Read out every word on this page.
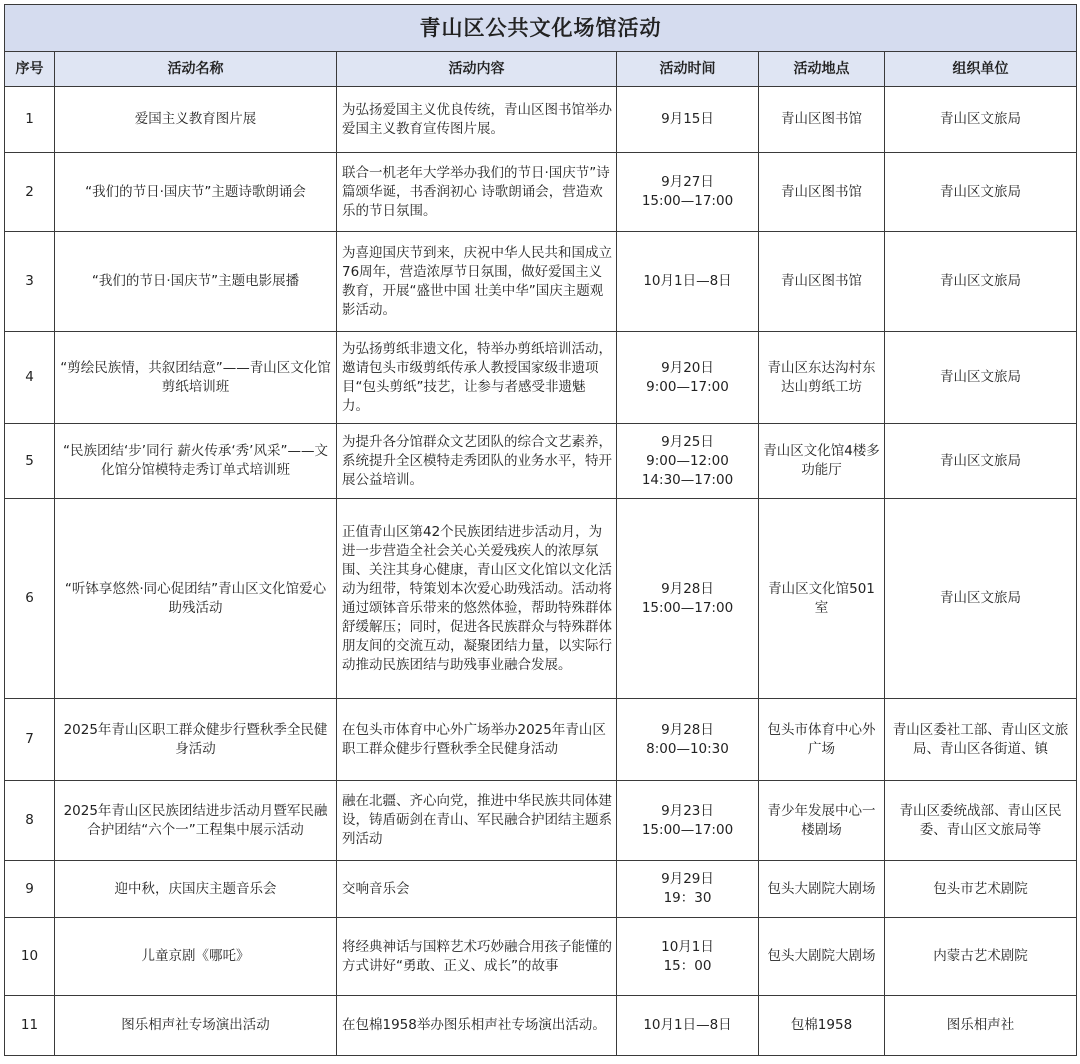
青山区公共文化场馆活动					
序号	活动名称	活动内容	活动时间	活动地点	组织单位
1	爱国主义教育图片展	为弘扬爱国主义优良传统，青山区图书馆举办爱国主义教育宣传图片展。	9月15日	青山区图书馆	青山区文旅局
2	“我们的节日·国庆节”主题诗歌朗诵会	联合一机老年大学举办我们的节日·国庆节”诗篇颂华诞，书香润初心 诗歌朗诵会，营造欢乐的节日氛围。	9月27日
15:00—17:00	青山区图书馆	青山区文旅局
3	“我们的节日·国庆节”主题电影展播	为喜迎国庆节到来，庆祝中华人民共和国成立76周年，营造浓厚节日氛围，做好爱国主义教育，开展“盛世中国 壮美中华”国庆主题观影活动。	10月1日—8日	青山区图书馆	青山区文旅局
4	“剪绘民族情，共叙团结意”——青山区文化馆剪纸培训班	为弘扬剪纸非遗文化，特举办剪纸培训活动，邀请包头市级剪纸传承人教授国家级非遗项目“包头剪纸”技艺，让参与者感受非遗魅力。	9月20日
9:00—17:00	青山区东达沟村东达山剪纸工坊	青山区文旅局
5	“民族团结‘步’同行 薪火传承‘秀’风采”——文化馆分馆模特走秀订单式培训班	为提升各分馆群众文艺团队的综合文艺素养，系统提升全区模特走秀团队的业务水平，特开展公益培训。	9月25日
9:00—12:00
14:30—17:00	青山区文化馆4楼多功能厅	青山区文旅局
6	“听钵享悠然·同心促团结”青山区文化馆爱心助残活动	正值青山区第42个民族团结进步活动月，为进一步营造全社会关心关爱残疾人的浓厚氛围、关注其身心健康，青山区文化馆以文化活动为纽带，特策划本次爱心助残活动。活动将通过颂钵音乐带来的悠然体验，帮助特殊群体舒缓解压；同时，促进各民族群众与特殊群体朋友间的交流互动，凝聚团结力量，以实际行动推动民族团结与助残事业融合发展。	9月28日
15:00—17:00	青山区文化馆501室	青山区文旅局
7	2025年青山区职工群众健步行暨秋季全民健身活动	在包头市体育中心外广场举办2025年青山区职工群众健步行暨秋季全民健身活动	9月28日
8:00—10:30	包头市体育中心外广场	青山区委社工部、青山区文旅局、青山区各街道、镇
8	2025年青山区民族团结进步活动月暨军民融合护团结“六个一”工程集中展示活动	融在北疆、齐心向党，推进中华民族共同体建设，铸盾砺剑在青山、军民融合护团结主题系列活动	9月23日
15:00—17:00	青少年发展中心一楼剧场	青山区委统战部、青山区民委、青山区文旅局等
9	迎中秋，庆国庆主题音乐会	交响音乐会	9月29日
19：30	包头大剧院大剧场	包头市艺术剧院
10	儿童京剧《哪吒》	将经典神话与国粹艺术巧妙融合用孩子能懂的方式讲好“勇敢、正义、成长”的故事	10月1日
15：00	包头大剧院大剧场	内蒙古艺术剧院
11	图乐相声社专场演出活动	在包棉1958举办图乐相声社专场演出活动。	10月1日—8日	包棉1958	图乐相声社
